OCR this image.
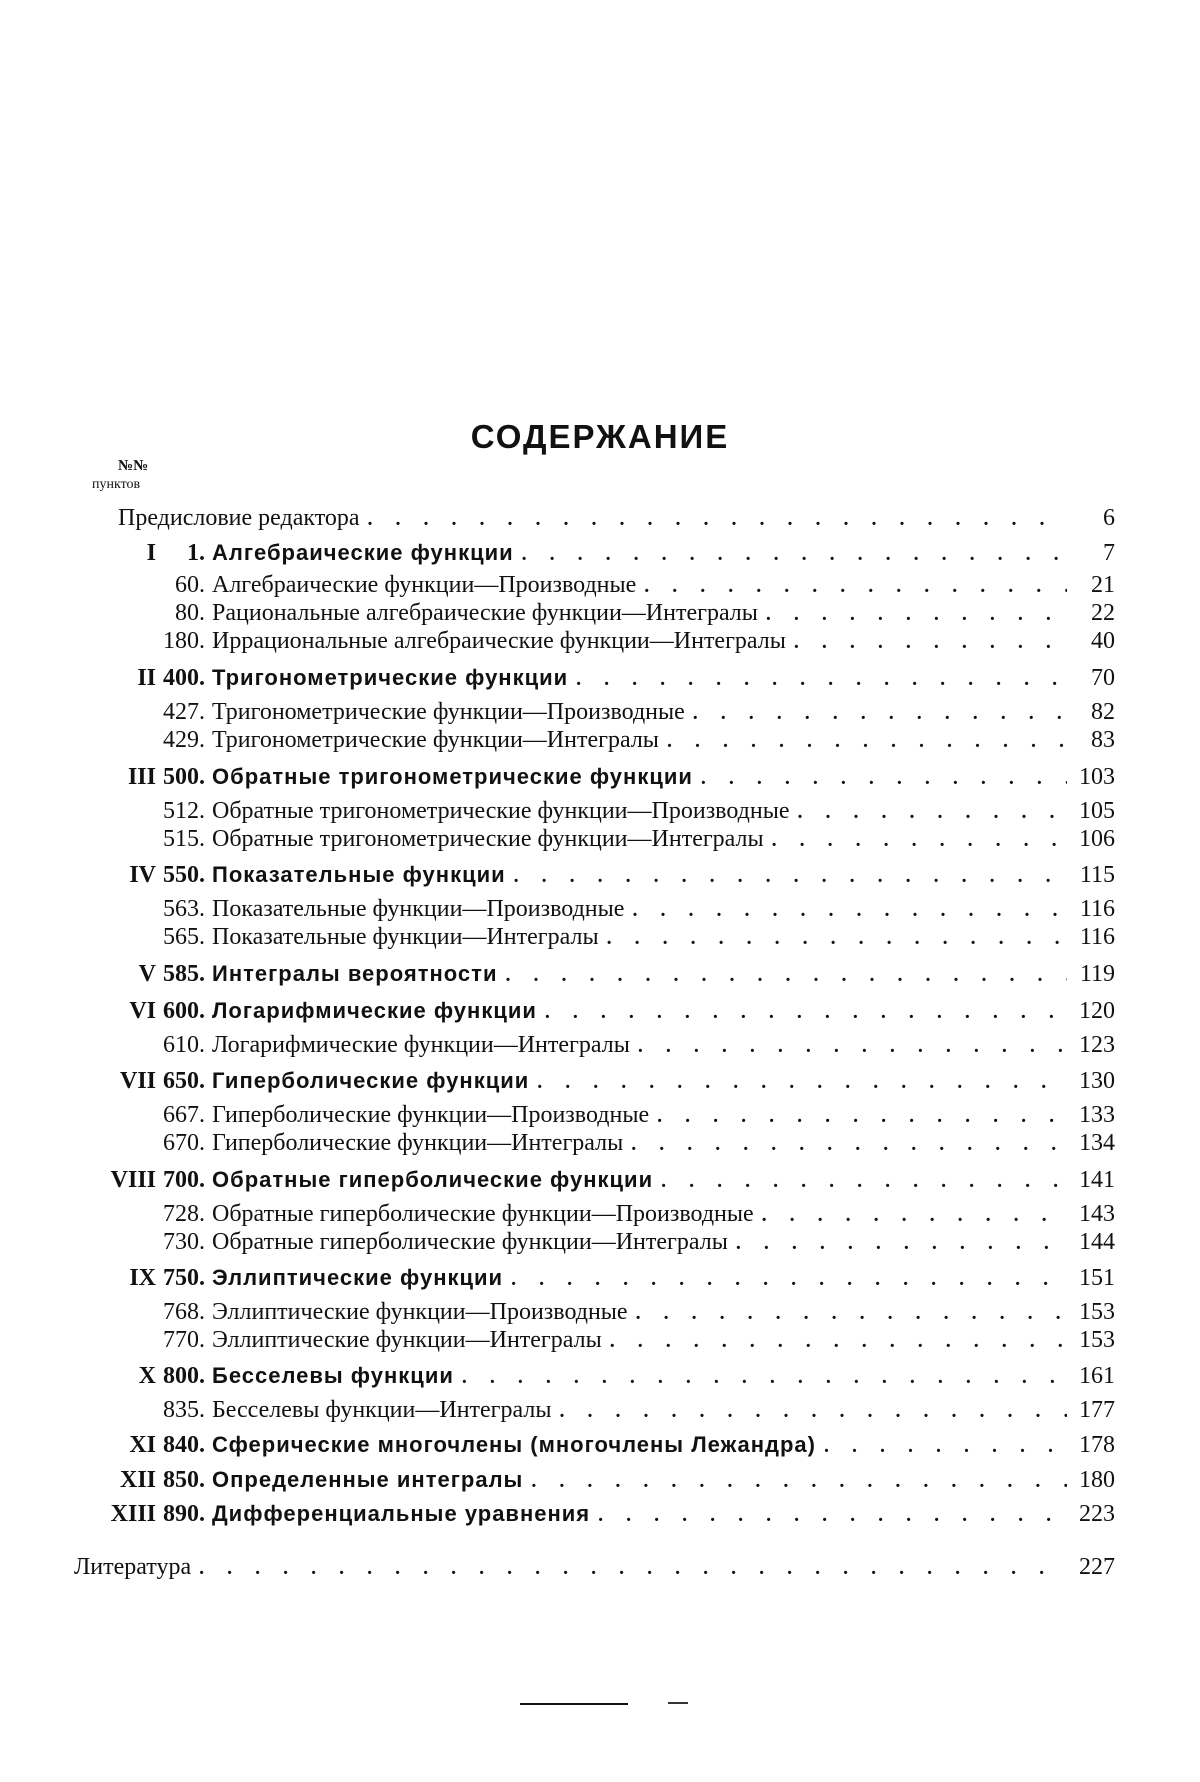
СОДЕРЖАНИЕ
№№
пунктов
Предисловие редактора
. . .	6
I 1. Алгебраические функции
. . .	7
60. Алгебраические функции—Производные
. . .	21
80. Рациональные алгебраические функции—Интегралы
. . .	22
180. Иррациональные алгебраические функции—Интегралы
. . .	40
II 400. Тригонометрические функции
. . .	70
427. Тригонометрические функции—Производные
. . .	82
429. Тригонометрические функции—Интегралы
. . .	83
III 500. Обратные тригонометрические функции
. . .	103
512. Обратные тригонометрические функции—Производные
. . .	105
515. Обратные тригонометрические функции—Интегралы
. . .	106
IV 550. Показательные функции
. . .	115
563. Показательные функции—Производные
. . .	116
565. Показательные функции—Интегралы
. . .	116
V 585. Интегралы вероятности
. . .	119
VI 600. Логарифмические функции
. . .	120
610. Логарифмические функции—Интегралы
. . .	123
VII 650. Гиперболические функции
. . .	130
667. Гиперболические функции—Производные
. . .	133
670. Гиперболические функции—Интегралы
. . .	134
VIII 700. Обратные гиперболические функции
. . .	141
728. Обратные гиперболические функции—Производные
. . .	143
730. Обратные гиперболические функции—Интегралы
. . .	144
IX 750. Эллиптические функции
. . .	151
768. Эллиптические функции—Производные
. . .	153
770. Эллиптические функции—Интегралы
. . .	153
X 800. Бесселевы функции
. . .	161
835. Бесселевы функции—Интегралы
. . .	177
XI 840. Сферические многочлены (многочлены Лежандра)
. . .	178
XII 850. Определенные интегралы
. . .	180
XIII 890. Дифференциальные уравнения
. . .	223
Литература
. . .	227
